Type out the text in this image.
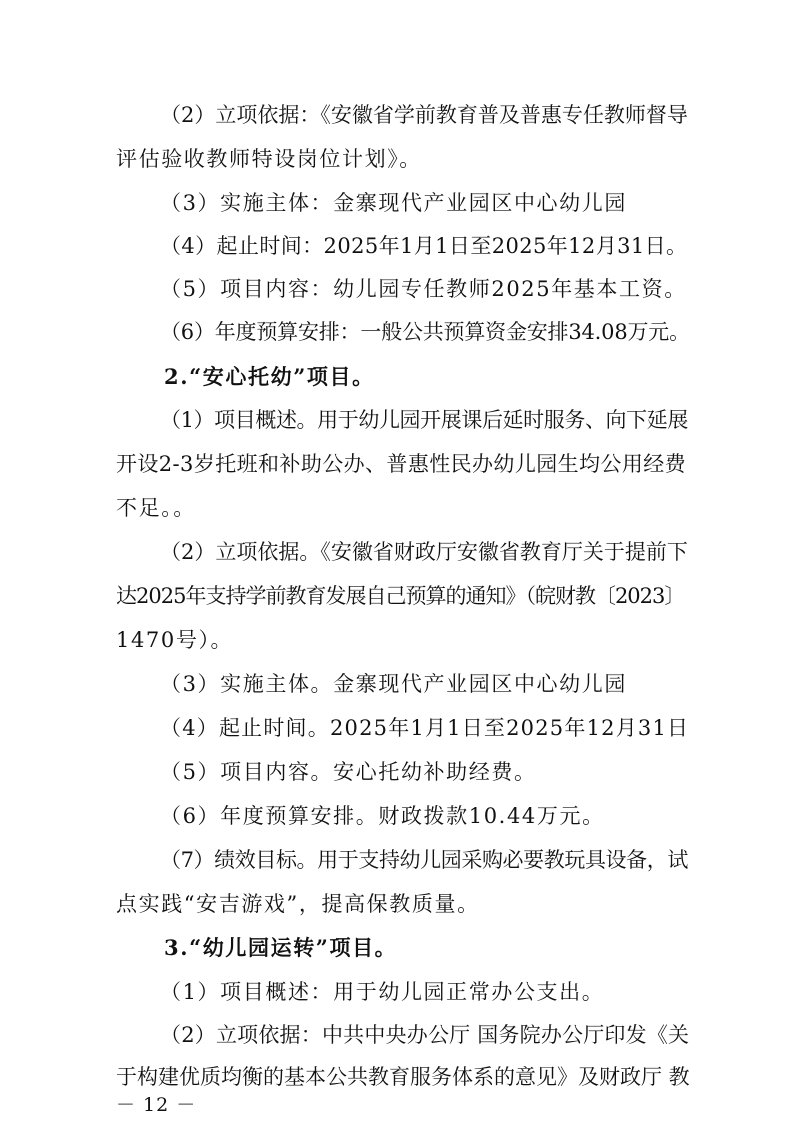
（2）立项依据：《安徽省学前教育普及普惠专任教师督导
评估验收教师特设岗位计划》。
（3）实施主体：金寨现代产业园区中心幼儿园
（4）起止时间：2025年1月1日至2025年12月31日。
（5）项目内容：幼儿园专任教师2025年基本工资。
（6）年度预算安排：一般公共预算资金安排34.08万元。
2.“安心托幼”项目。
（1）项目概述。用于幼儿园开展课后延时服务、向下延展
开设2-3岁托班和补助公办、普惠性民办幼儿园生均公用经费
不足。。
（2）立项依据。《安徽省财政厅安徽省教育厅关于提前下
达2025年支持学前教育发展自己预算的通知》（皖财教〔2023〕
1470号）。
（3）实施主体。金寨现代产业园区中心幼儿园
（4）起止时间。2025年1月1日至2025年12月31日
（5）项目内容。安心托幼补助经费。
（6）年度预算安排。财政拨款10.44万元。
（7）绩效目标。用于支持幼儿园采购必要教玩具设备，试
点实践“安吉游戏”，提高保教质量。
3.“幼儿园运转”项目。
（1）项目概述：用于幼儿园正常办公支出。
（2）立项依据：中共中央办公厅 国务院办公厅印发《关
于构建优质均衡的基本公共教育服务体系的意见》及财政厅 教
－ 12 －
